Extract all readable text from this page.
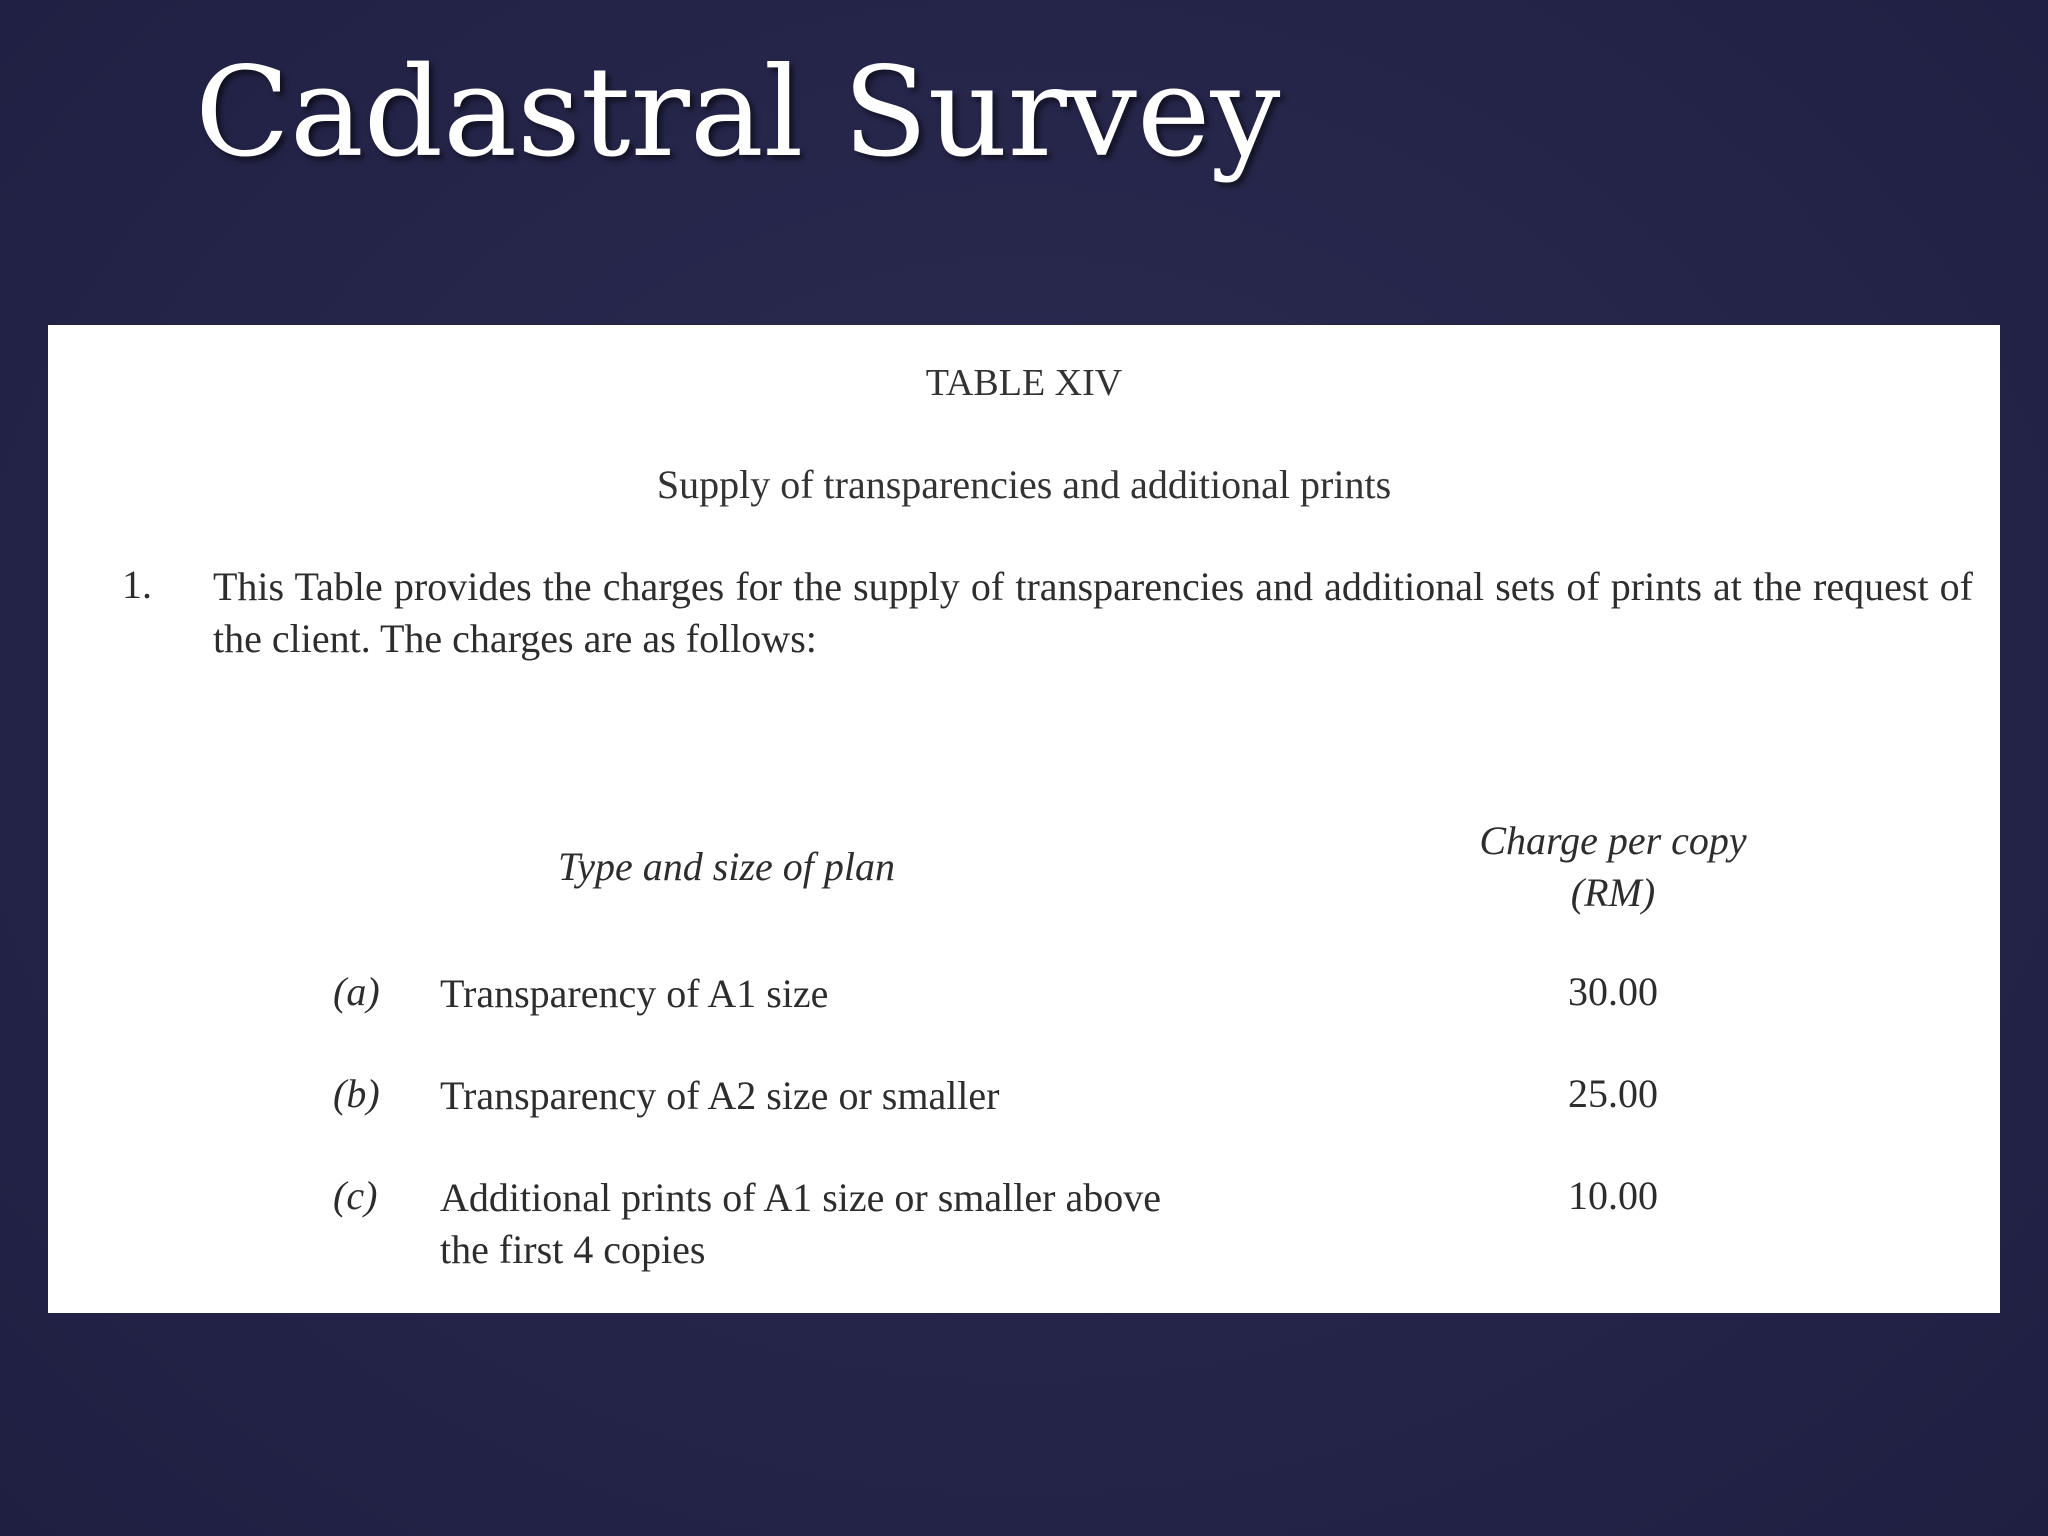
Cadastral Survey
TABLE XIV
Supply of transparencies and additional prints
1. This Table provides the charges for the supply of transparencies and additional sets of prints at the request of the client. The charges are as follows:
Type and size of plan
Charge per copy
(RM)
(a) Transparency of A1 size	30.00
(b) Transparency of A2 size or smaller	25.00
(c) Additional prints of A1 size or smaller above the first 4 copies
10.00
